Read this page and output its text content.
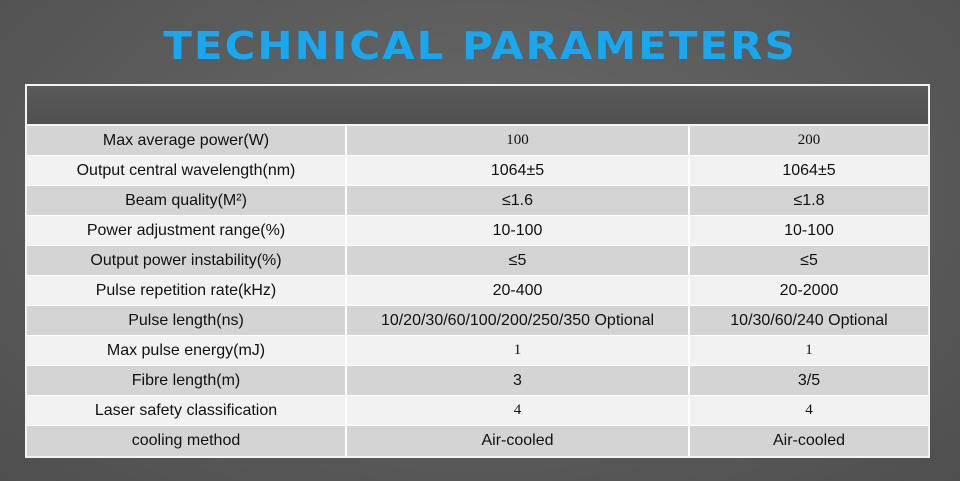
TECHNICAL PARAMETERS
Max average power(W)	100	200
Output central wavelength(nm)	1064±5	1064±5
Beam quality(M²)	≤1.6	≤1.8
Power adjustment range(%)	10-100	10-100
Output power instability(%)	≤5	≤5
Pulse repetition rate(kHz)	20-400	20-2000
Pulse length(ns)	10/20/30/60/100/200/250/350 Optional	10/30/60/240 Optional
Max pulse energy(mJ)	1	1
Fibre length(m)	3	3/5
Laser safety classification	4	4
cooling method	Air-cooled	Air-cooled
